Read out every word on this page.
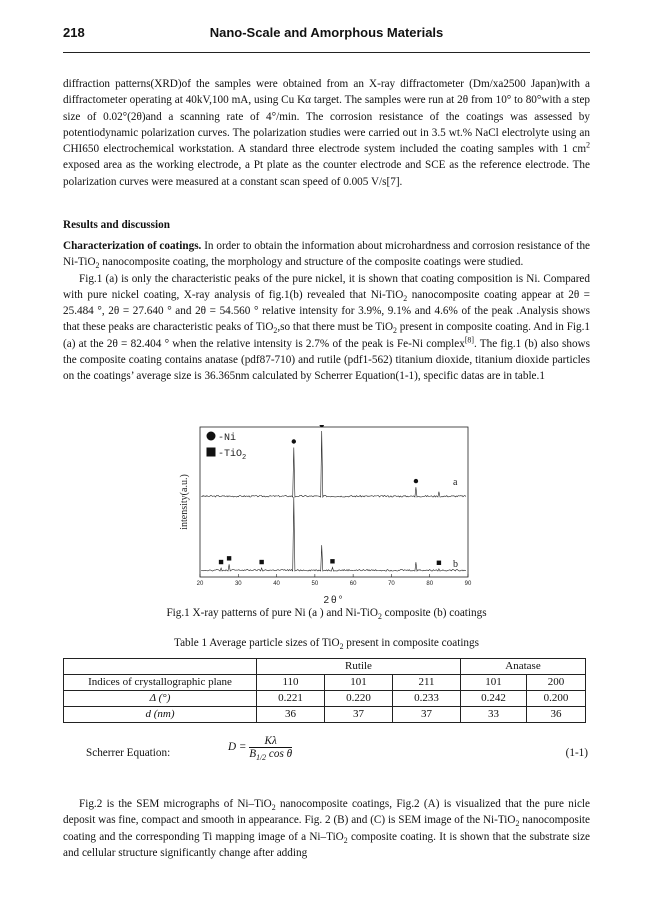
218	Nano-Scale and Amorphous Materials

diffraction patterns(XRD)of the samples were obtained from an X-ray diffractometer (Dm/xa2500 Japan)with a diffractometer operating at 40kV,100 mA, using Cu Kα target. The samples were run at 2θ from 10° to 80°with a step size of 0.02°(2θ)and a scanning rate of 4°/min. The corrosion resistance of the coatings was assessed by potentiodynamic polarization curves. The polarization studies were carried out in 3.5 wt.% NaCl electrolyte using an CHI650 electrochemical workstation. A standard three electrode system included the coating samples with 1 $cm^2$ exposed area as the working electrode, a Pt plate as the counter electrode and SCE as the reference electrode. The polarization curves were measured at a constant scan speed of 0.005 V/s[7].

Results and discussion

Characterization of coatings. In order to obtain the information about microhardness and corrosion resistance of the Ni-TiO$_2$ nanocomposite coating, the morphology and structure of the composite coatings were studied.

Fig.1 (a) is only the characteristic peaks of the pure nickel, it is shown that coating composition is Ni. Compared with pure nickel coating, X-ray analysis of fig.1(b) revealed that Ni-TiO$_2$ nanocomposite coating appear at 2θ = 25.484 °, 2θ = 27.640 ° and 2θ = 54.560 ° relative intensity for 3.9%, 9.1% and 4.6% of the peak .Analysis shows that these peaks are characteristic peaks of TiO$_2$,so that there must be TiO$_2$ present in composite coating. And in Fig.1 (a) at the 2θ = 82.404 ° when the relative intensity is 2.7% of the peak is Fe-Ni complex[8]. The fig.1 (b) also shows the composite coating contains anatase (pdf87-710) and rutile (pdf1-562) titanium dioxide, titanium dioxide particles on the coatings’ average size is 36.365nm calculated by Scherrer Equation(1-1), specific datas are in table.1

20	30	40	50	60	70	80	90
2θ°
intensity(a.u.)
-Ni
-TiO$_2$
a
b
Fig.1 X-ray patterns of pure Ni (a ) and Ni-TiO$_2$ composite (b) coatings
Table 1 Average particle sizes of TiO$_2$ present in composite coatings
	Rutile			Anatase	
Indices of crystallographic plane	110	101	211	101	200
Δ (°)	0.221	0.220	0.233	0.242	0.200
d (nm)	36	37	37	33	36
Scherrer Equation:	$D = \frac{K\lambda}{B_{1/2} \cos \theta}$	(1-1)

Fig.2 is the SEM micrographs of Ni–TiO$_2$ nanocomposite coatings, Fig.2 (A) is visualized that the pure nicle deposit was fine, compact and smooth in appearance. Fig. 2 (B) and (C) is SEM image of the Ni-TiO$_2$ nanocomposite coating and the corresponding Ti mapping image of a Ni–TiO$_2$ composite coating. It is shown that the substrate size and cellular structure significantly change after adding
